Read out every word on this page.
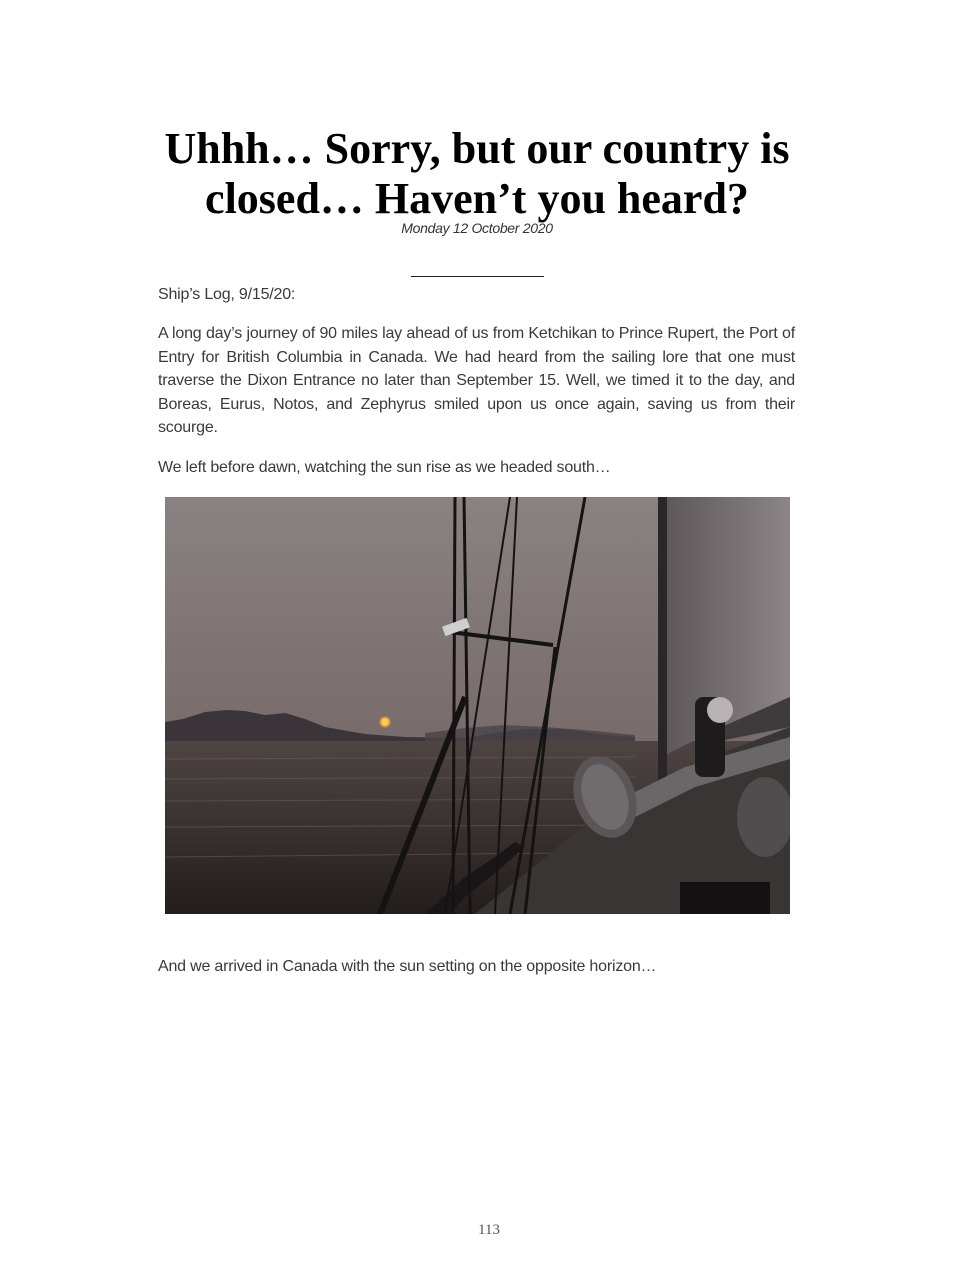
Uhhh… Sorry, but our country is closed… Haven’t you heard?
Monday 12 October 2020

Ship’s Log, 9/15/20:

A long day’s journey of 90 miles lay ahead of us from Ketchikan to Prince Rupert, the Port of Entry for British Columbia in Canada. We had heard from the sailing lore that one must traverse the Dixon Entrance no later than September 15. Well, we timed it to the day, and Boreas, Eurus, Notos, and Zephyrus smiled upon us once again, saving us from their scourge.

We left before dawn, watching the sun rise as we headed south…

And we arrived in Canada with the sun setting on the opposite horizon…

113
